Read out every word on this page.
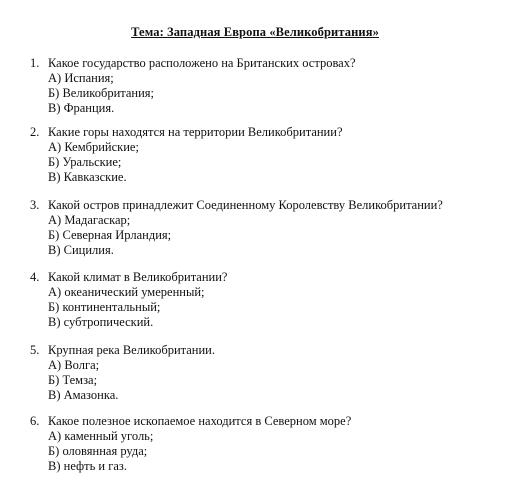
Тема: Западная Европа «Великобритания»
1. Какое государство расположено на Британских островах?
А) Испания;
Б) Великобритания;
В) Франция.
2. Какие горы находятся на территории Великобритании?
А) Кембрийские;
Б) Уральские;
В) Кавказские.
3. Какой остров принадлежит Соединенному Королевству Великобритании?
А) Мадагаскар;
Б) Северная Ирландия;
В) Сицилия.
4. Какой климат в Великобритании?
А) океанический умеренный;
Б) континентальный;
В) субтропический.
5. Крупная река Великобритании.
А) Волга;
Б) Темза;
В) Амазонка.
6. Какое полезное ископаемое находится в Северном море?
А) каменный уголь;
Б) оловянная руда;
В) нефть и газ.
